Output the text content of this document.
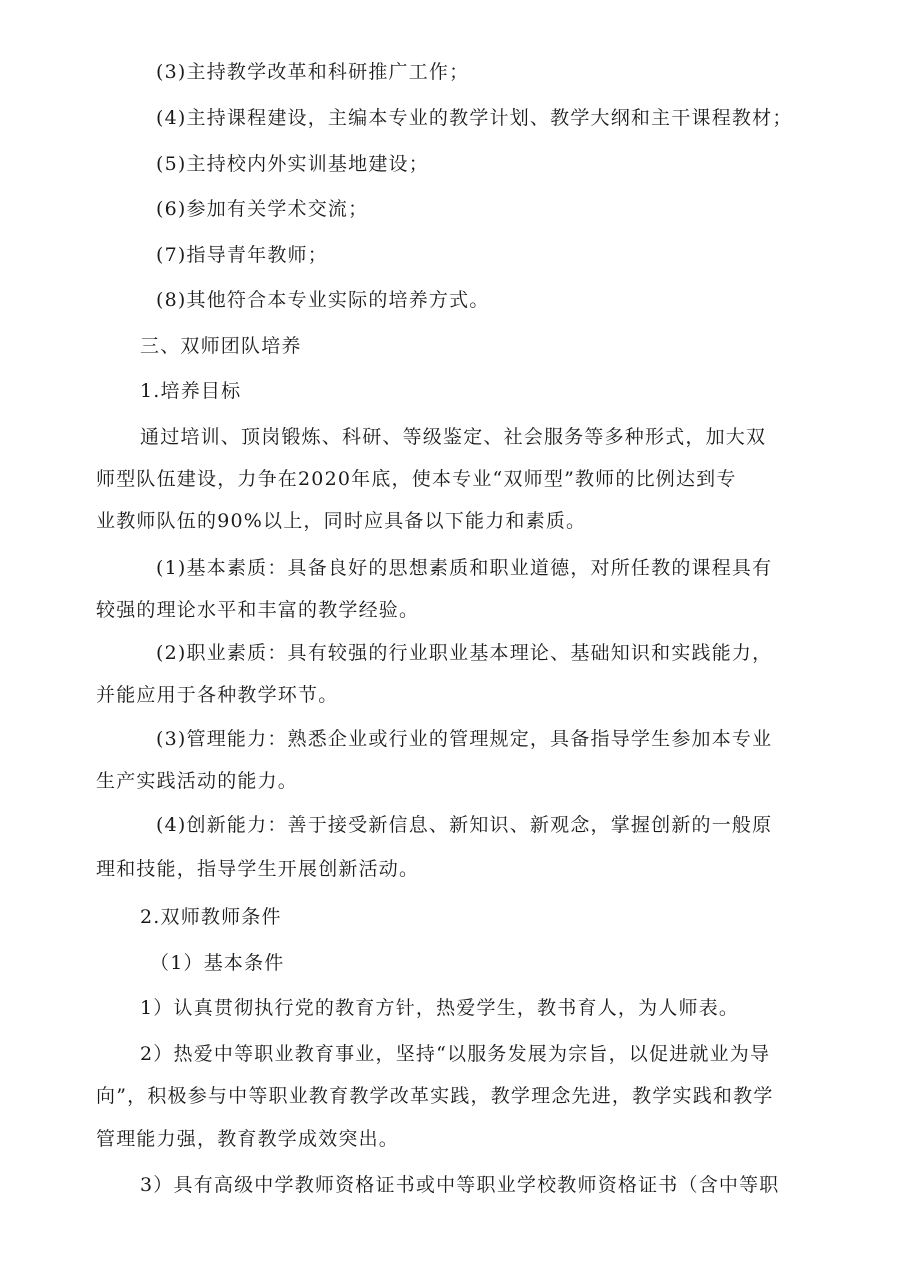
(3)主持教学改革和科研推广工作；
(4)主持课程建设，主编本专业的教学计划、教学大纲和主干课程教材；
(5)主持校内外实训基地建设；
(6)参加有关学术交流；
(7)指导青年教师；
(8)其他符合本专业实际的培养方式。
三、双师团队培养
1.培养目标
通过培训、顶岗锻炼、科研、等级鉴定、社会服务等多种形式，加大双
师型队伍建设，力争在2020年底，使本专业“双师型”教师的比例达到专
业教师队伍的90%以上，同时应具备以下能力和素质。
(1)基本素质：具备良好的思想素质和职业道德，对所任教的课程具有
较强的理论水平和丰富的教学经验。
(2)职业素质：具有较强的行业职业基本理论、基础知识和实践能力，
并能应用于各种教学环节。
(3)管理能力：熟悉企业或行业的管理规定，具备指导学生参加本专业
生产实践活动的能力。
(4)创新能力：善于接受新信息、新知识、新观念，掌握创新的一般原
理和技能，指导学生开展创新活动。
2.双师教师条件
（1）基本条件
1）认真贯彻执行党的教育方针，热爱学生，教书育人，为人师表。
2）热爱中等职业教育事业，坚持“以服务发展为宗旨，以促进就业为导
向”，积极参与中等职业教育教学改革实践，教学理念先进，教学实践和教学
管理能力强，教育教学成效突出。
3）具有高级中学教师资格证书或中等职业学校教师资格证书（含中等职
